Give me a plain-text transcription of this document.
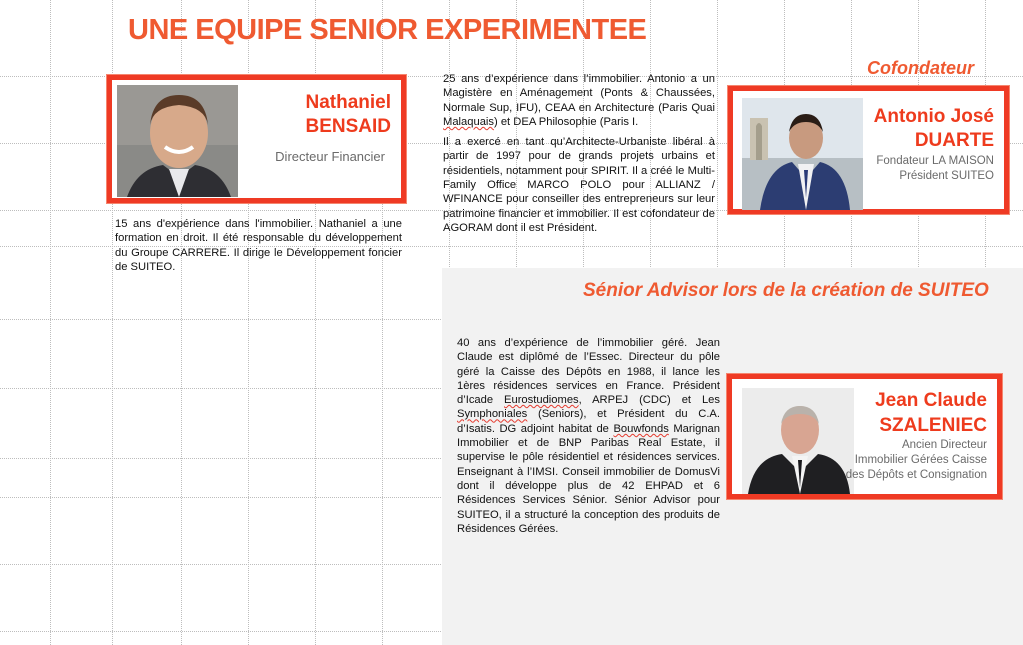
UNE EQUIPE SENIOR EXPERIMENTEE
Nathaniel
BENSAID
Directeur Financier

15 ans d'expérience dans l'immobilier. Nathaniel a une formation en droit. Il été responsable du développement du Groupe CARRERE. Il dirige le Développement foncier de SUITEO.

25 ans d’expérience dans l’immobilier. Antonio a un Magistère en Aménagement (Ponts & Chaussées, Normale Sup, IFU), CEAA en Architecture (Paris Quai Malaquais) et DEA Philosophie (Paris I.

Il a exercé en tant qu’Architecte-Urbaniste libéral à partir de 1997 pour de grands projets urbains et résidentiels, notamment pour SPIRIT. Il a créé le Multi-Family Office MARCO POLO pour ALLIANZ / WFINANCE pour conseiller des entrepreneurs sur leur patrimoine financier et immobilier. Il est cofondateur de AGORAM dont il est Président.

Cofondateur
Antonio José
DUARTE
Fondateur LA MAISON
Président SUITEO
Sénior Advisor lors de la création de SUITEO

40 ans d’expérience de l’immobilier géré. Jean Claude est diplômé de l’Essec. Directeur du pôle géré la Caisse des Dépôts en 1988, il lance les 1ères résidences services en France. Président d’Icade Eurostudiomes, ARPEJ (CDC) et Les Symphoniales (Seniors), et Président du C.A. d’Isatis. DG adjoint habitat de Bouwfonds Marignan Immobilier et de BNP Paribas Real Estate, il supervise le pôle résidentiel et résidences services. Enseignant à l’IMSI. Conseil immobilier de DomusVi dont il développe plus de 42 EHPAD et 6 Résidences Services Sénior. Sénior Advisor pour SUITEO, il a structuré la conception des produits de Résidences Gérées.

Jean Claude
SZALENIEC
Ancien Directeur
Immobilier Gérées Caisse
des Dépôts et Consignation
